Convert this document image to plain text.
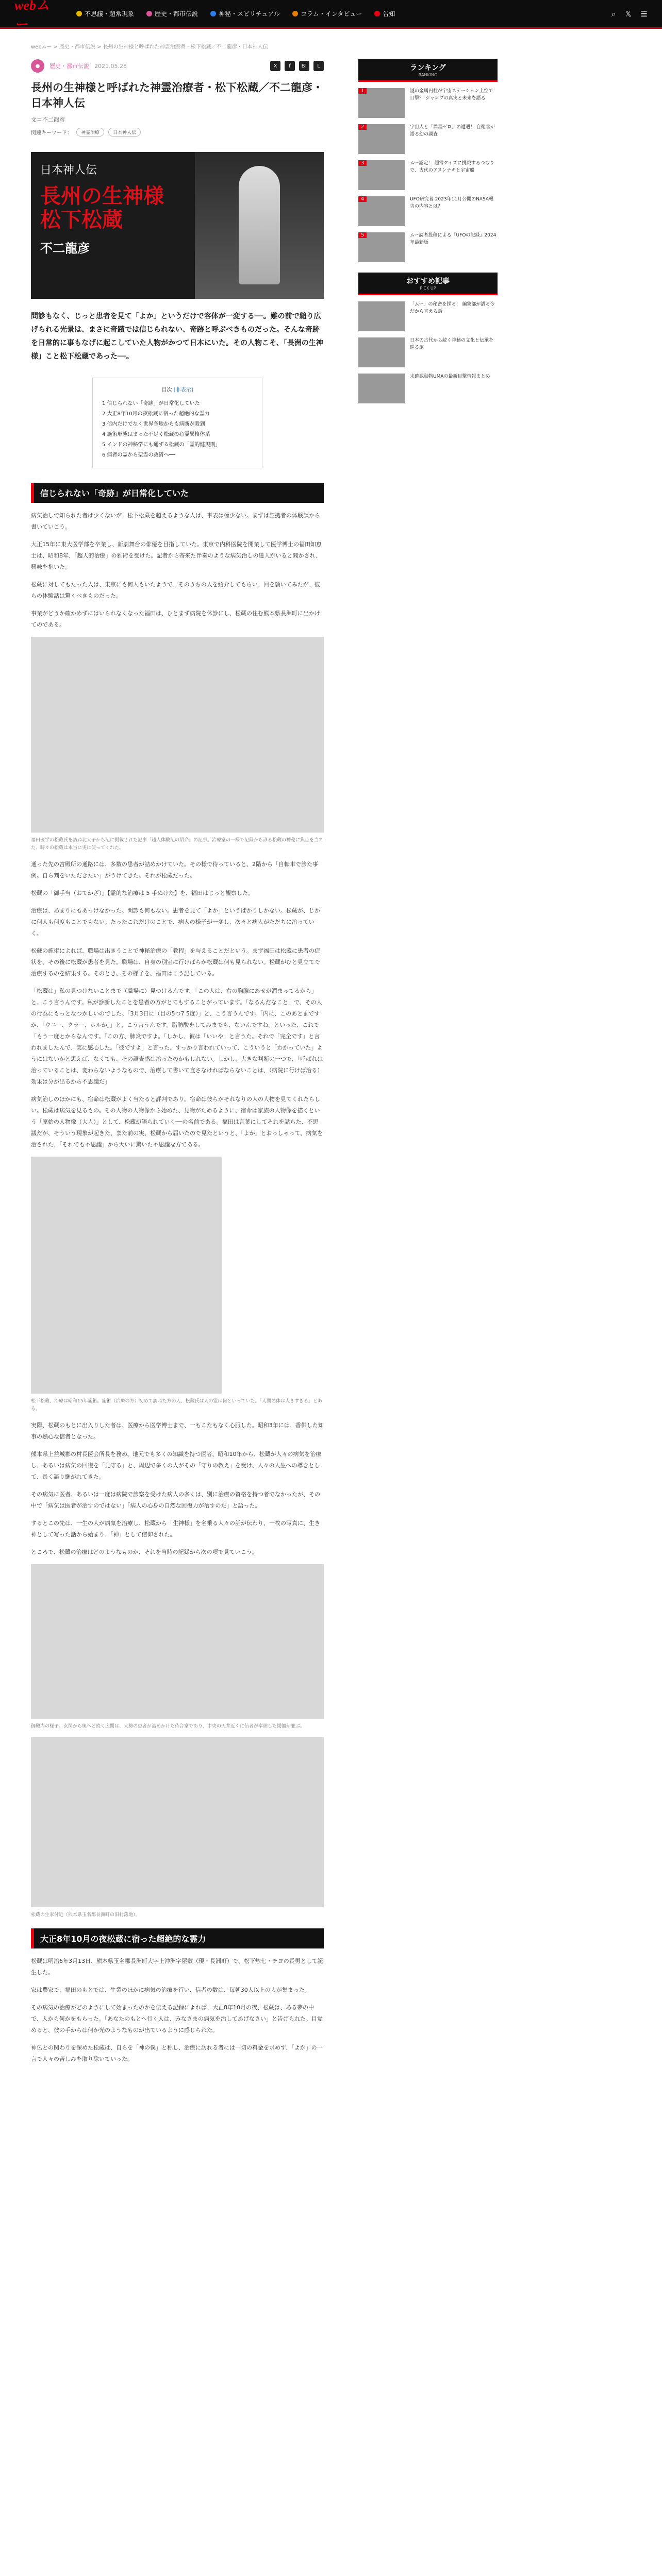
webムー
不思議・超常現象	歴史・都市伝説	神秘・スピリチュアル	コラム・インタビュー	告知	⌕ 𝕏 ☰
webムー > 歴史・都市伝説 > 長州の生神様と呼ばれた神霊治療者・松下松蔵／不二龍彦・日本神人伝
●	歴史・都市伝説 2021.05.28	X	f	B!	L
長州の生神様と呼ばれた神霊治療者・松下松蔵／不二龍彦・日本神人伝
文＝不二龍彦
関連キーワード：	神霊治療	日本神人伝
日本神人伝
長州の生神様松下松蔵
不二龍彦

問診もなく、じっと患者を見て「よか」というだけで容体が一変する──。難の前で縋り広げられる光景は、まさに奇蹟では信じられない、奇跡と呼ぶべきものだった。そんな奇跡を日常的に事もなげに起こしていた人物がかつて日本にいた。その人物こそ、「長洲の生神様」こと松下松蔵であった──。

目次 [非表示]
1 信じられない「奇跡」が日常化していた
2 大正8年10月の夜松蔵に宿った超絶的な霊力
3 信内だけでなく世界各地からも病断が殺到
4 施術形態はまった不足く松蔵の心霊異格体系
5 インドの神秘学にも通ずる松蔵の「霊的健規則」
6 病者の霊から聖霊の救済へ──
信じられない「奇跡」が日常化していた

病気治しで知られた者は少くないが、松下松蔵を超えるような人は、事表は極少ない。まずは証拠者の体験談から書いていこう。

大正15年に東大医学部を卒業し、新劇舞台の俳優を目指していた。東京で内科医院を開業して医学博士の福田知恵士は、昭和8年、「超人的治療」の雅術を受けた。記者から寄来た伴奏のような病気治しの達人がいると聞かされ、興味を抱いた。

松蔵に対してもたった人は、東京にも何人もいたようで、そのうちの人を紹介してもらい、回を願いてみたが、彼らの体験話は驚くべきものだった。

事業がどうか確かめずにはいられなくなった福田は、ひとまず病院を休診にし、松蔵の住む熊本県長洲町に出かけてのである。

福田医学の松蔵氏を訪ね北大子から記に掲載された記事「超人体験記の紹介」の記事。治療室の一様で記録から診る松蔵の神秘に焦点を当てた、時々の松蔵は本当に実に使ってくれた。

通った先の宮殿所の通路には、多数の患者が詰めかけていた。その様で待っていると、2階から「自転車で診た事例。自ら判をいただきたい」がうけてきた。それが松蔵だった。

松蔵の「御手当（おてかざ）」【霊的な治療は 5 手ぬけた】を、福田はじっと観察した。

治療は、あまりにもあっけなかった。問診も何もない。患者を見て「よか」というばかりしかない。松蔵が、じかに何人も何度もことでもない。たったこれだけのことで、病人の様子が一変し、次々と病人がただちに治っていく。

松蔵の施術によれば、職場は出きうことで神秘治療の「教程」を与えることだという。まず福田は松蔵に患者の症状を、その後に松蔵が患者を見た。職場は、自身の別室に行けばらか松蔵は何も見られない。松蔵がひと見立てで治療するのを結果する。そのとき、その様子を、福田はこう記している。

「松蔵は」私の見つけないことまで（職場に）見つけるんです。「この人は、右の胸腺にあせが溜まってるから」と、こう言うんです。私が診断したことを患者の方がとてもすることがっています。「なるんだなこと」で、その人の行為にもっとなつかしいのでした。「3月3日に（目の5つ7 5度）」と、こう言うんです。「内に、このあとまですか、「ウニー、クラー、ホルか」」と、こう言うんです。脂肪酸をしてみまでも、ないんですね。といった、これで「もう一度とからなんです。「この方、肺炎ですよ。「しかし、彼は「いいや」と言うた。それで「完全です」と言われましたんで、実に感心した。「彼ですよ」と言った、すっかり言われていって、こういうと「わかっていた」ようにはないかと思えば、なくても、その調査感は治ったのかもしれない。しかし、大きな判断の一つで、「呼ばれは治っていることは、変わらないようなもので、治療して書いて直さなければならないことは、（病院に行けば治る） 効果は分が出るから不思議だ」

病気治しのほかにも、宿命は松蔵がよく当たると評判であり。宿命は彼らがそれなりの人の人物を見てくれたらしい。松蔵は病気を見るもの。その人物の人物像から始めた、見物がためるように、宿命は家族の人物像を描くという「原始の人物像（大人）」として、松蔵が語られていく──の名前である。福田は言葉にしてそれを話らた、不思議だが、そういう現象が起きた、また前の実、松蔵から届いたので見たというと、「よか」とおっしゃって、病気を治された、「それでも不思議」から大いに驚いた不思議な方である。

松下松蔵、治療は昭和15年施術。施術（治療の方）初めて訪ねた方の人、松蔵氏は人の霊は何といっていた。「人間の体は大きすぎる」とある。

実際、松蔵のもとに出入りした者は、医療から医学博士まで、一もこたもなく心服した。昭和3年には、香供した知事の熱心な信者となった。

熊本県上益城郡の村長医会所長を務め、地元でも多くの知識を持つ医者、昭和10年から、松蔵が人々の病気を治療し、あるいは病気の回復を「見守る」と、周辺で多くの人がその「守りの教え」を受け、人々の人生への導きとして、長く語り継がれてきた。

その病気に医者、あるいは一度は病院で診察を受けた病人の多くは、別に治療の資格を持つ者でなかったが、その中で「病気は医者が治すのではない」「病人の心身の自然な回復力が治すのだ」と語った。

するとこの先は、一生の人が病気を治療し、松蔵から「生神様」を名乗る人々の話が伝わり、一枚の写真に、生き神として写った話から始まり、「神」として信仰された。

ところで、松蔵の治療はどのようなものか、それを当時の記録から次の項で見ていこう。

御殿内の様子。玄関から奥へと続く広間は、大勢の患者が詰めかけた待合室であり、中央の天井近くに信者が奉納した掲額が並ぶ。
松蔵の生家付近（熊本県玉名郡長洲町の旧村落地）。
大正8年10月の夜松蔵に宿った超絶的な霊力

松蔵は明治6年3月13日、熊本県玉名郡長洲町大字上沖洲字屋敷（現・長洲町）で、松下惣七・チヨの長男として誕生した。

家は農家で、福田のもとでは、生業のほかに病気の治療を行い、信者の数は、毎朝30人以上の人が集まった。

その病気の治療がどのようにして始まったのかを伝える記録によれば、大正8年10月の夜、松蔵は、ある夢の中で、人から何かをもらった。「あなたのもとへ行く人は、みなさまの病気を治してあげなさい」と告げられた。目覚めると、彼の手からは何か光のようなものが出ているように感じられた。

神仏との関わりを深めた松蔵は、自らを「神の僕」と称し、治療に訪れる者には一切の料金を求めず、「よか」の一言で人々の苦しみを取り除いていった。

ランキング
RANKING
1	謎の金属円柱が宇宙ステーション上空で目撃？ ジャンプの真実と未来を語る
2	宇宙人と「異星ゼロ」の遭遇！ 自衛官が語る幻の調査
3	ムー認定！ 超常クイズに挑戦するつもりで、古代のアヌンナキと宇宙船
4	UFO研究者 2023年11月公開のNASA報告の内容とは？
5	ムー読者投稿による「UFOの記録」2024年最新版
おすすめ記事
PICK UP
「ムー」の秘密を探る！ 編集部が語る今だから言える話
日本の古代から続く神秘の文化と伝承を巡る旅
未確認動物UMAの最新目撃情報まとめ
